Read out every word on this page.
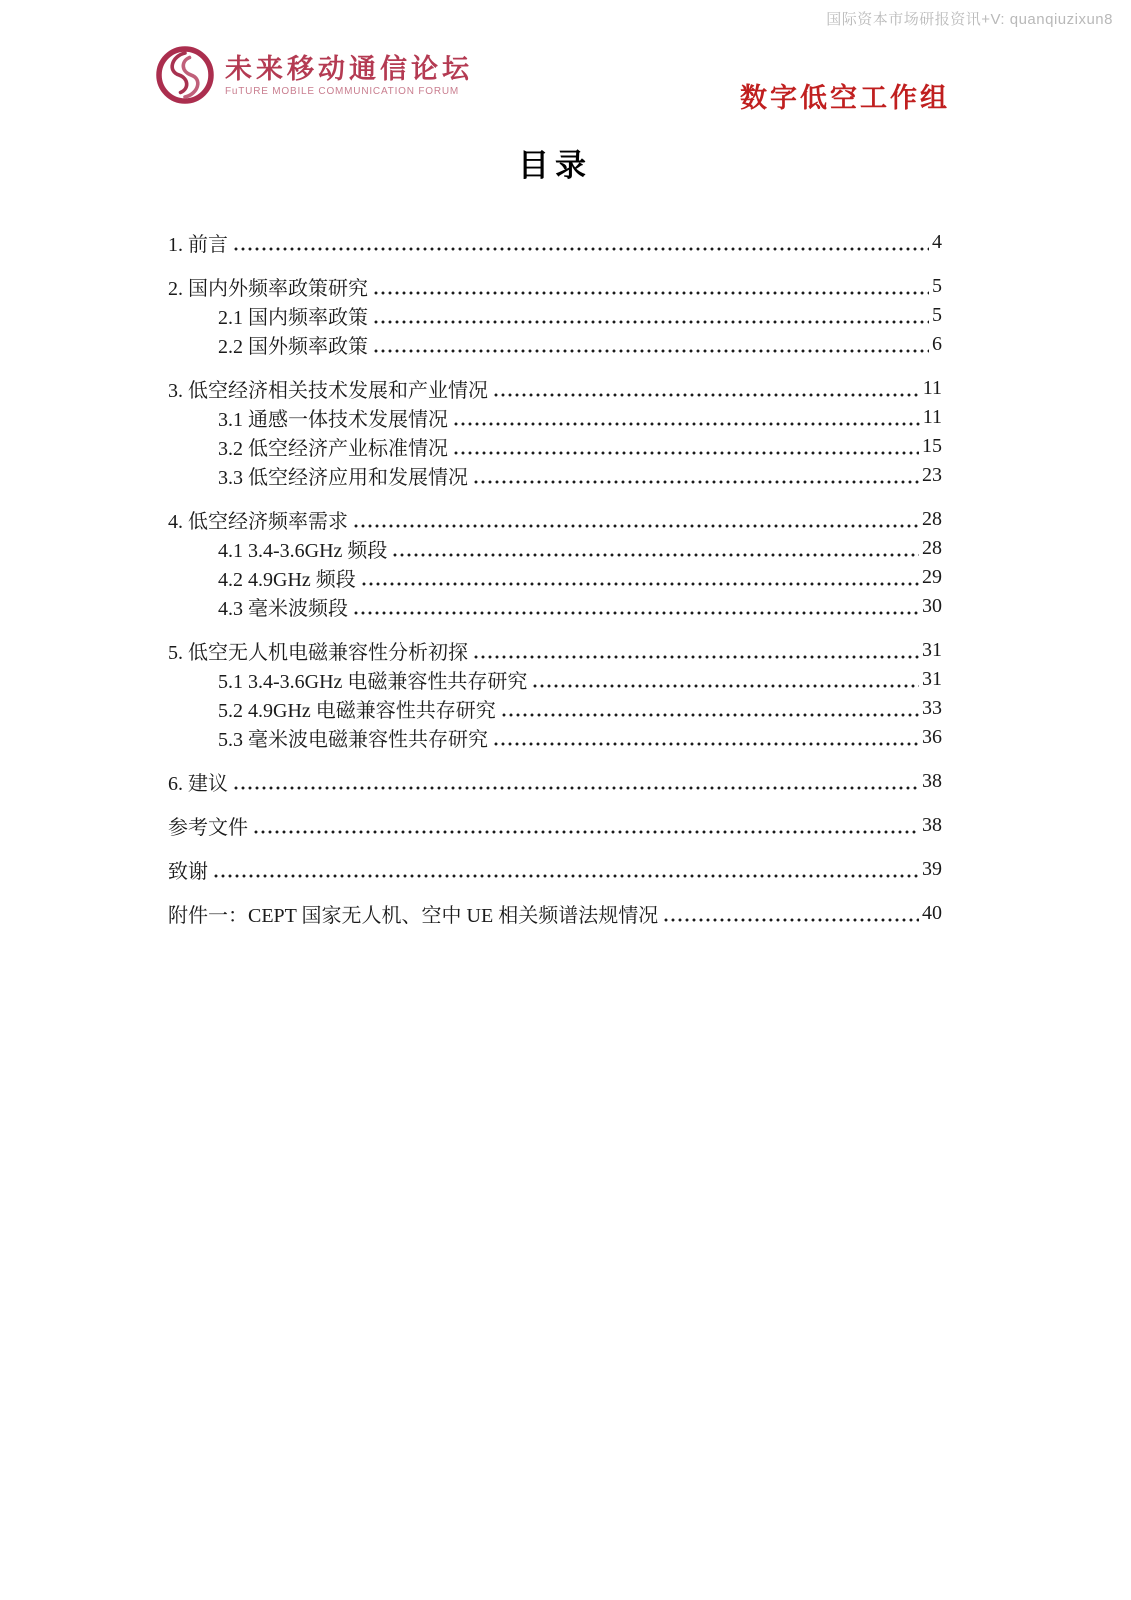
国际资本市场研报资讯+V: quanqiuzixun8
未来移动通信论坛
FuTURE MOBILE COMMUNICATION FORUM	数字低空工作组
目录
1. 前言	4
2. 国内外频率政策研究	5
2.1 国内频率政策	5
2.2 国外频率政策	6
3. 低空经济相关技术发展和产业情况	11
3.1 通感一体技术发展情况	11
3.2 低空经济产业标准情况	15
3.3 低空经济应用和发展情况	23
4. 低空经济频率需求	28
4.1 3.4-3.6GHz 频段	28
4.2 4.9GHz 频段	29
4.3 毫米波频段	30
5. 低空无人机电磁兼容性分析初探	31
5.1 3.4-3.6GHz 电磁兼容性共存研究	31
5.2 4.9GHz 电磁兼容性共存研究	33
5.3 毫米波电磁兼容性共存研究	36
6. 建议	38
参考文件	38
致谢	39
附件一：CEPT 国家无人机、空中 UE 相关频谱法规情况	40
